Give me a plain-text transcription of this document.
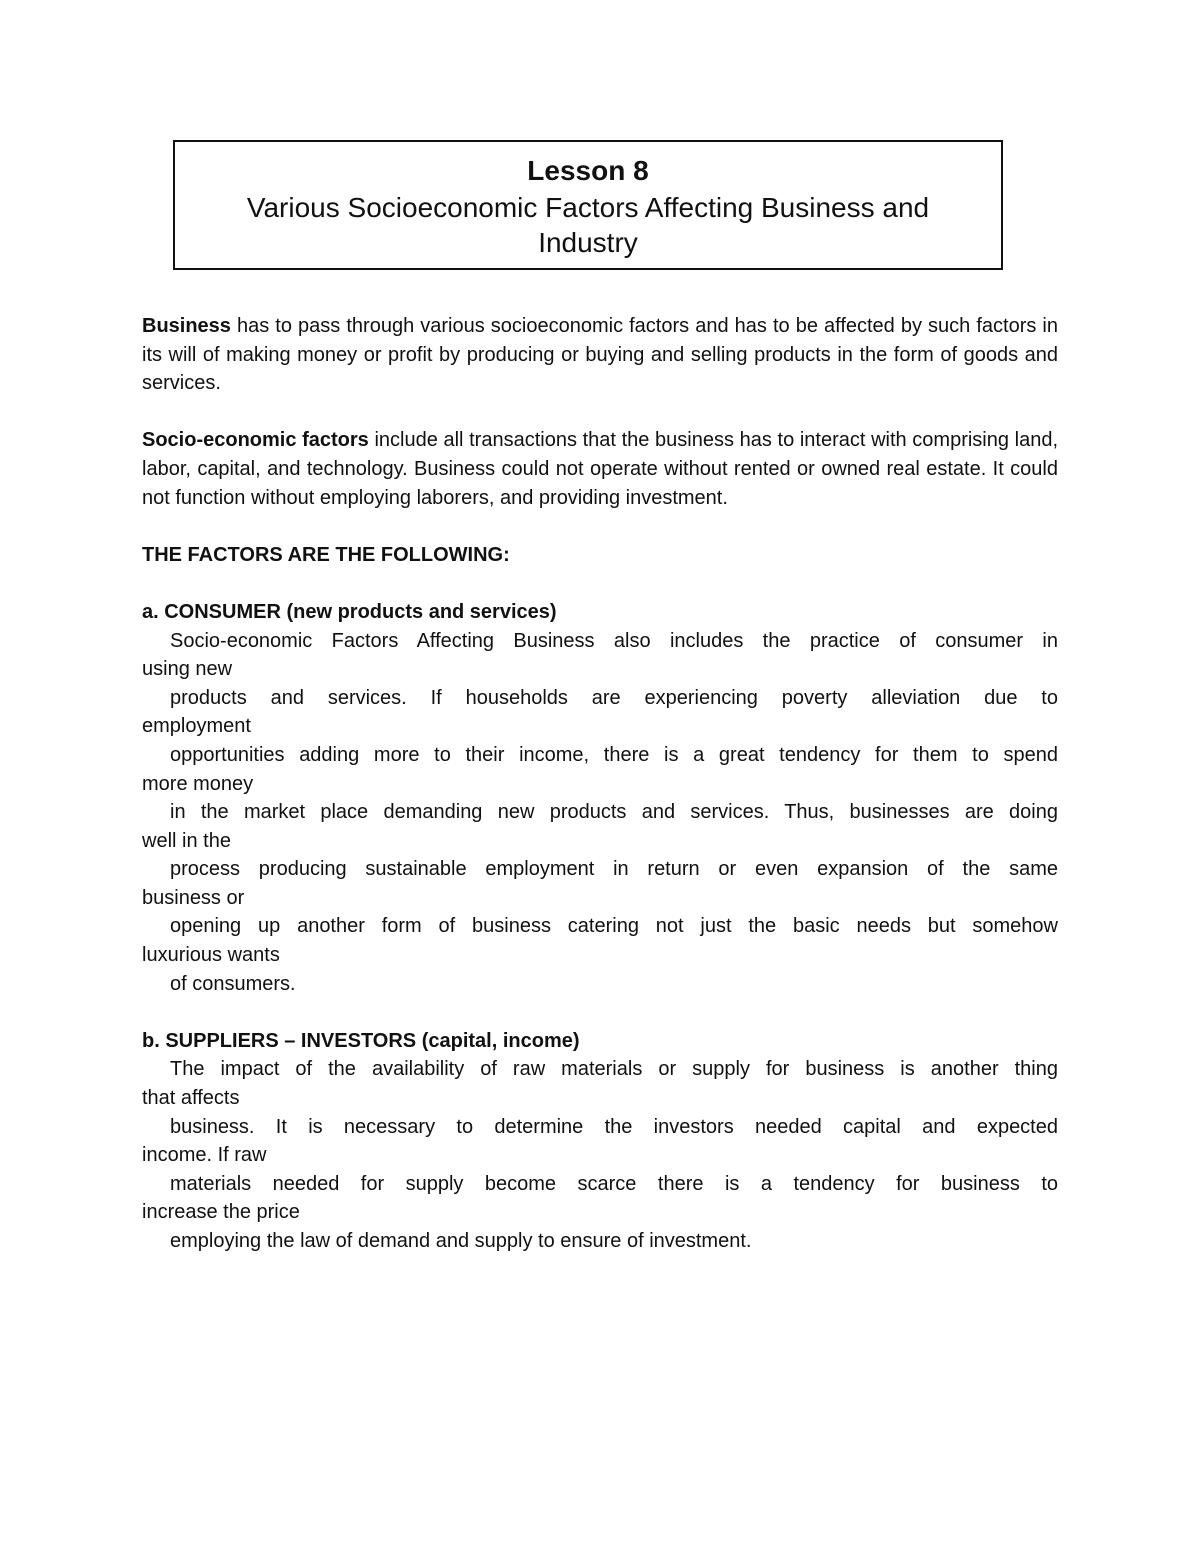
Lesson 8
Various Socioeconomic Factors Affecting Business and Industry

Business has to pass through various socioeconomic factors and has to be affected by such factors in its will of making money or profit by producing or buying and selling products in the form of goods and services.

Socio-economic factors include all transactions that the business has to interact with comprising land, labor, capital, and technology. Business could not operate without rented or owned real estate. It could not function without employing laborers, and providing investment.

THE FACTORS ARE THE FOLLOWING:

a. CONSUMER (new products and services)

Socio-economic Factors Affecting Business also includes the practice of consumer in

using new

products and services. If households are experiencing poverty alleviation due to

employment

opportunities adding more to their income, there is a great tendency for them to spend

more money

in the market place demanding new products and services. Thus, businesses are doing

well in the

process producing sustainable employment in return or even expansion of the same

business or

opening up another form of business catering not just the basic needs but somehow

luxurious wants

of consumers.

b. SUPPLIERS – INVESTORS (capital, income)

The impact of the availability of raw materials or supply for business is another thing

that affects

business. It is necessary to determine the investors needed capital and expected

income. If raw

materials needed for supply become scarce there is a tendency for business to

increase the price

employing the law of demand and supply to ensure of investment.
